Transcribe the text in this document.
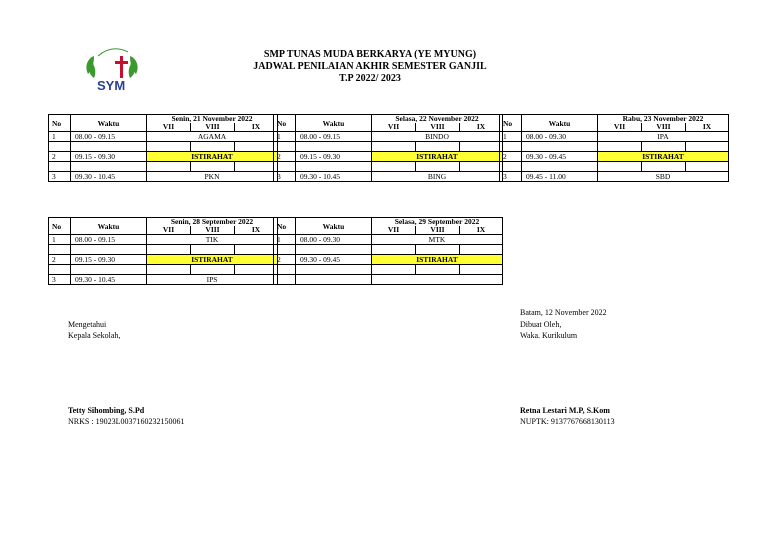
SYM
SMP TUNAS MUDA BERKARYA (YE MYUNG)
JADWAL PENILAIAN AKHIR SEMESTER GANJIL
T.P 2022/ 2023
No	Waktu	Senin, 21 November 2022		
		VII	VIII	IX
1	08.00 - 09.15	AGAMA		

2	09.15 - 09.30	ISTIRAHAT		

3	09.30 - 10.45	PKN		
No	Waktu	Selasa, 22 November 2022		
		VII	VIII	IX
1	08.00 - 09.15	BINDO		

2	09.15 - 09.30	ISTIRAHAT		

3	09.30 - 10.45	BING		
No	Waktu	Rabu, 23 November 2022		
		VII	VIII	IX
1	08.00 - 09.30	IPA		

2	09.30 - 09.45	ISTIRAHAT		

3	09.45 - 11.00	SBD		
No	Waktu	Senin, 28 September 2022		
		VII	VIII	IX
1	08.00 - 09.15	TIK		

2	09.15 - 09.30	ISTIRAHAT		

3	09.30 - 10.45	IPS		
No	Waktu	Selasa, 29 September 2022		
		VII	VIII	IX
1	08.00 - 09.30	MTK		

2	09.30 - 09.45	ISTIRAHAT		

Mengetahui
Kepala Sekolah,
Tetty Sihombing, S.Pd
NRKS : 19023L0037160232150061
Batam, 12 November 2022
Dibuat Oleh,
Waka. Kurikulum
Retna Lestari M.P, S.Kom
NUPTK: 9137767668130113
